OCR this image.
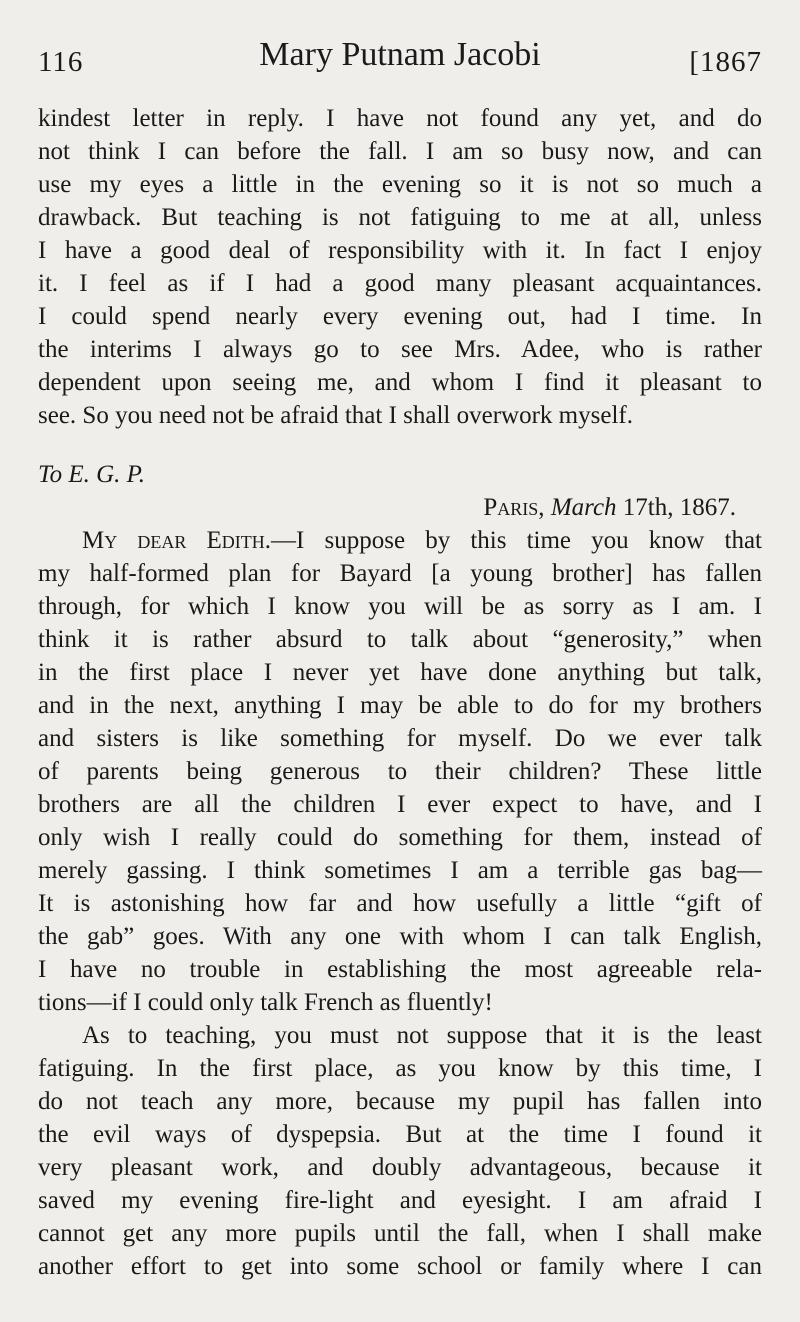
116	Mary Putnam Jacobi	[1867
kindest letter in reply. I have not found any yet, and do
not think I can before the fall. I am so busy now, and can
use my eyes a little in the evening so it is not so much a
drawback. But teaching is not fatiguing to me at all, unless
I have a good deal of responsibility with it. In fact I enjoy
it. I feel as if I had a good many pleasant acquaintances.
I could spend nearly every evening out, had I time. In
the interims I always go to see Mrs. Adee, who is rather
dependent upon seeing me, and whom I find it pleasant to
see. So you need not be afraid that I shall overwork myself.
To E. G. P.
Paris, March 17th, 1867.
My dear Edith.—I suppose by this time you know that
my half-formed plan for Bayard [a young brother] has fallen
through, for which I know you will be as sorry as I am. I
think it is rather absurd to talk about “generosity,” when
in the first place I never yet have done anything but talk,
and in the next, anything I may be able to do for my brothers
and sisters is like something for myself. Do we ever talk
of parents being generous to their children? These little
brothers are all the children I ever expect to have, and I
only wish I really could do something for them, instead of
merely gassing. I think sometimes I am a terrible gas bag—
It is astonishing how far and how usefully a little “gift of
the gab” goes. With any one with whom I can talk English,
I have no trouble in establishing the most agreeable rela-
tions—if I could only talk French as fluently!
As to teaching, you must not suppose that it is the least
fatiguing. In the first place, as you know by this time, I
do not teach any more, because my pupil has fallen into
the evil ways of dyspepsia. But at the time I found it
very pleasant work, and doubly advantageous, because it
saved my evening fire-light and eyesight. I am afraid I
cannot get any more pupils until the fall, when I shall make
another effort to get into some school or family where I can
